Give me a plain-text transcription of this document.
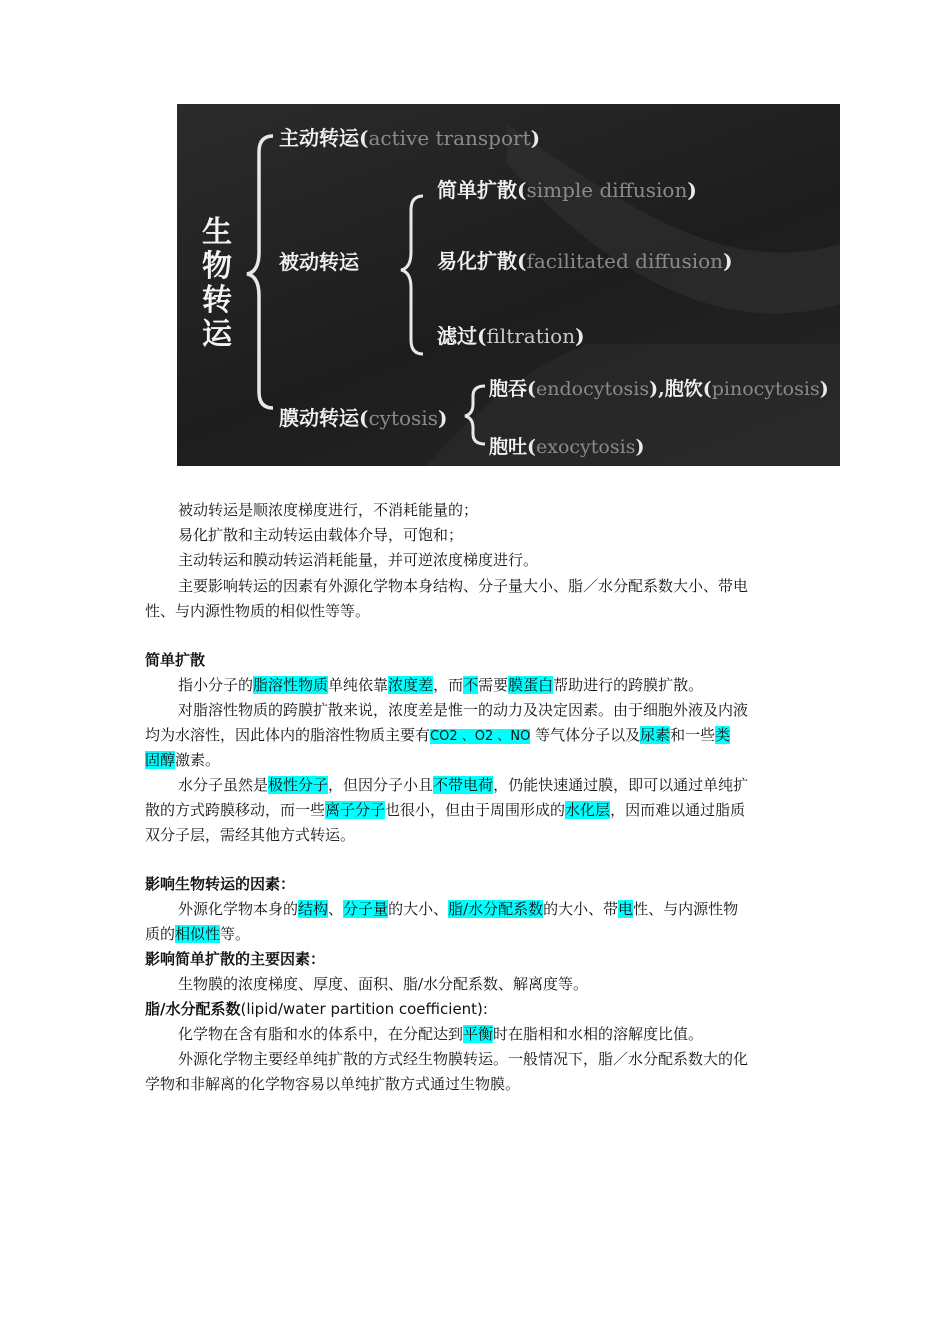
生
物
转
运
主动转运(active transport)
被动转运
简单扩散(simple diffusion)
易化扩散(facilitated diffusion)
滤过(filtration)
膜动转运(cytosis)
胞吞(endocytosis),胞饮(pinocytosis)
胞吐(exocytosis)
被动转运是顺浓度梯度进行，不消耗能量的；
易化扩散和主动转运由载体介导，可饱和；
主动转运和膜动转运消耗能量，并可逆浓度梯度进行。
主要影响转运的因素有外源化学物本身结构、分子量大小、脂／水分配系数大小、带电
性、与内源性物质的相似性等等。
简单扩散
指小分子的脂溶性物质单纯依靠浓度差，而不需要膜蛋白帮助进行的跨膜扩散。
对脂溶性物质的跨膜扩散来说，浓度差是惟一的动力及决定因素。由于细胞外液及内液
均为水溶性，因此体内的脂溶性物质主要有CO2 、O2 、NO 等气体分子以及尿素和一些类
固醇激素。
水分子虽然是极性分子，但因分子小且不带电荷，仍能快速通过膜，即可以通过单纯扩
散的方式跨膜移动，而一些离子分子也很小，但由于周围形成的水化层，因而难以通过脂质
双分子层，需经其他方式转运。
影响生物转运的因素：
外源化学物本身的结构、分子量的大小、脂/水分配系数的大小、带电性、与内源性物
质的相似性等。
影响简单扩散的主要因素：
生物膜的浓度梯度、厚度、面积、脂/水分配系数、解离度等。
脂/水分配系数(lipid/water partition coefficient):
化学物在含有脂和水的体系中，在分配达到平衡时在脂相和水相的溶解度比值。
外源化学物主要经单纯扩散的方式经生物膜转运。一般情况下，脂／水分配系数大的化
学物和非解离的化学物容易以单纯扩散方式通过生物膜。
